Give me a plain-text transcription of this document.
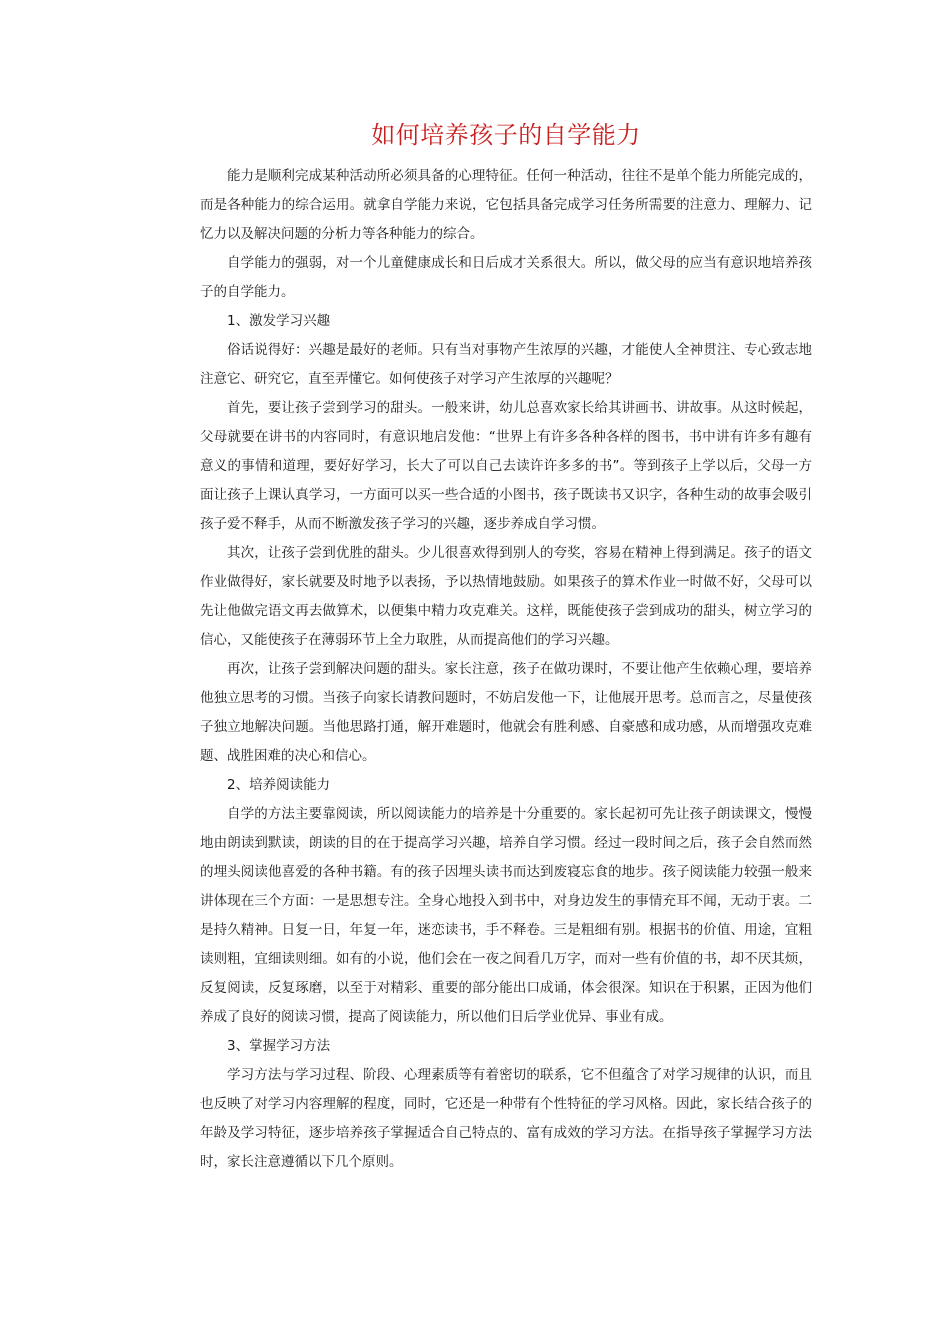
如何培养孩子的自学能力

能力是顺利完成某种活动所必须具备的心理特征。任何一种活动，往往不是单个能力所能完成的，而是各种能力的综合运用。就拿自学能力来说，它包括具备完成学习任务所需要的注意力、理解力、记忆力以及解决问题的分析力等各种能力的综合。

自学能力的强弱，对一个儿童健康成长和日后成才关系很大。所以，做父母的应当有意识地培养孩子的自学能力。

1、激发学习兴趣

俗话说得好：兴趣是最好的老师。只有当对事物产生浓厚的兴趣，才能使人全神贯注、专心致志地注意它、研究它，直至弄懂它。如何使孩子对学习产生浓厚的兴趣呢？

首先，要让孩子尝到学习的甜头。一般来讲，幼儿总喜欢家长给其讲画书、讲故事。从这时候起，父母就要在讲书的内容同时，有意识地启发他：“世界上有许多各种各样的图书，书中讲有许多有趣有意义的事情和道理，要好好学习，长大了可以自己去读许许多多的书”。等到孩子上学以后，父母一方面让孩子上课认真学习，一方面可以买一些合适的小图书，孩子既读书又识字，各种生动的故事会吸引孩子爱不释手，从而不断激发孩子学习的兴趣，逐步养成自学习惯。

其次，让孩子尝到优胜的甜头。少儿很喜欢得到别人的夸奖，容易在精神上得到满足。孩子的语文作业做得好，家长就要及时地予以表扬，予以热情地鼓励。如果孩子的算术作业一时做不好，父母可以先让他做完语文再去做算术，以便集中精力攻克难关。这样，既能使孩子尝到成功的甜头，树立学习的信心，又能使孩子在薄弱环节上全力取胜，从而提高他们的学习兴趣。

再次，让孩子尝到解决问题的甜头。家长注意，孩子在做功课时，不要让他产生依赖心理，要培养他独立思考的习惯。当孩子向家长请教问题时，不妨启发他一下，让他展开思考。总而言之，尽量使孩子独立地解决问题。当他思路打通，解开难题时，他就会有胜利感、自豪感和成功感，从而增强攻克难题、战胜困难的决心和信心。

2、培养阅读能力

自学的方法主要靠阅读，所以阅读能力的培养是十分重要的。家长起初可先让孩子朗读课文，慢慢地由朗读到默读，朗读的目的在于提高学习兴趣，培养自学习惯。经过一段时间之后，孩子会自然而然的埋头阅读他喜爱的各种书籍。有的孩子因埋头读书而达到废寝忘食的地步。孩子阅读能力较强一般来讲体现在三个方面：一是思想专注。全身心地投入到书中，对身边发生的事情充耳不闻，无动于衷。二是持久精神。日复一日，年复一年，迷恋读书，手不释卷。三是粗细有别。根据书的价值、用途，宜粗读则粗，宜细读则细。如有的小说，他们会在一夜之间看几万字，而对一些有价值的书，却不厌其烦，反复阅读，反复琢磨，以至于对精彩、重要的部分能出口成诵，体会很深。知识在于积累，正因为他们养成了良好的阅读习惯，提高了阅读能力，所以他们日后学业优异、事业有成。

3、掌握学习方法

学习方法与学习过程、阶段、心理素质等有着密切的联系，它不但蕴含了对学习规律的认识，而且也反映了对学习内容理解的程度，同时，它还是一种带有个性特征的学习风格。因此，家长结合孩子的年龄及学习特征，逐步培养孩子掌握适合自己特点的、富有成效的学习方法。在指导孩子掌握学习方法时，家长注意遵循以下几个原则。
